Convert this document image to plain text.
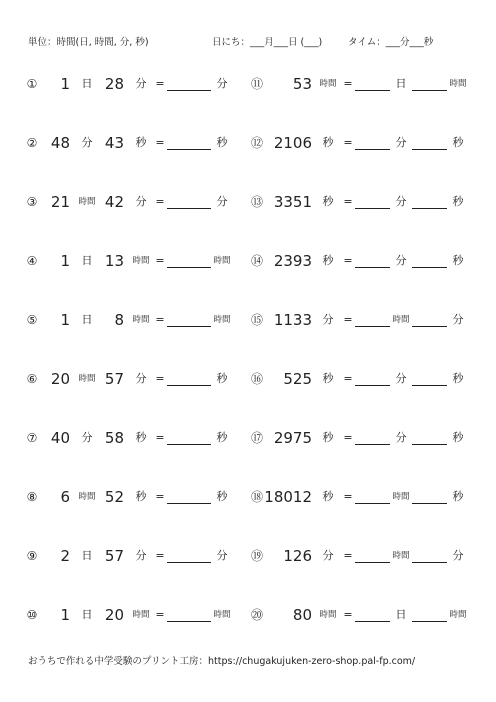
単位：時間(日, 時間, 分, 秒)	日にち：___月___日 (___)	タイム：___分___秒
①	1	日 28	分 =	分	⑪	53 時間 =	日	時間
② 48	分 43	秒 =	秒	⑫ 2106 秒 =	分	秒
③ 21 時間 42	分 =	分	⑬ 3351 秒 =	分	秒
④	1	日 13 時間 =	時間 ⑭ 2393 秒 =	分	秒
⑤	1	日	8 時間 =	時間 ⑮ 1133 分 =	時間	分
⑥ 20 時間 57	分 =	秒	⑯	525 秒 =	分	秒
⑦ 40	分 58	秒 =	秒	⑰ 2975 秒 =	分	秒
⑧	6 時間 52	秒 =	秒	⑱ 18012 秒 =	時間	秒
⑨	2	日 57	分 =	分	⑲	126 分 =	時間	分
⑩	1	日 20 時間 =	時間 ⑳	80 時間 =	日	時間
おうちで作れる中学受験のプリント工房：https://chugakujuken-zero-shop.pal-fp.com/
